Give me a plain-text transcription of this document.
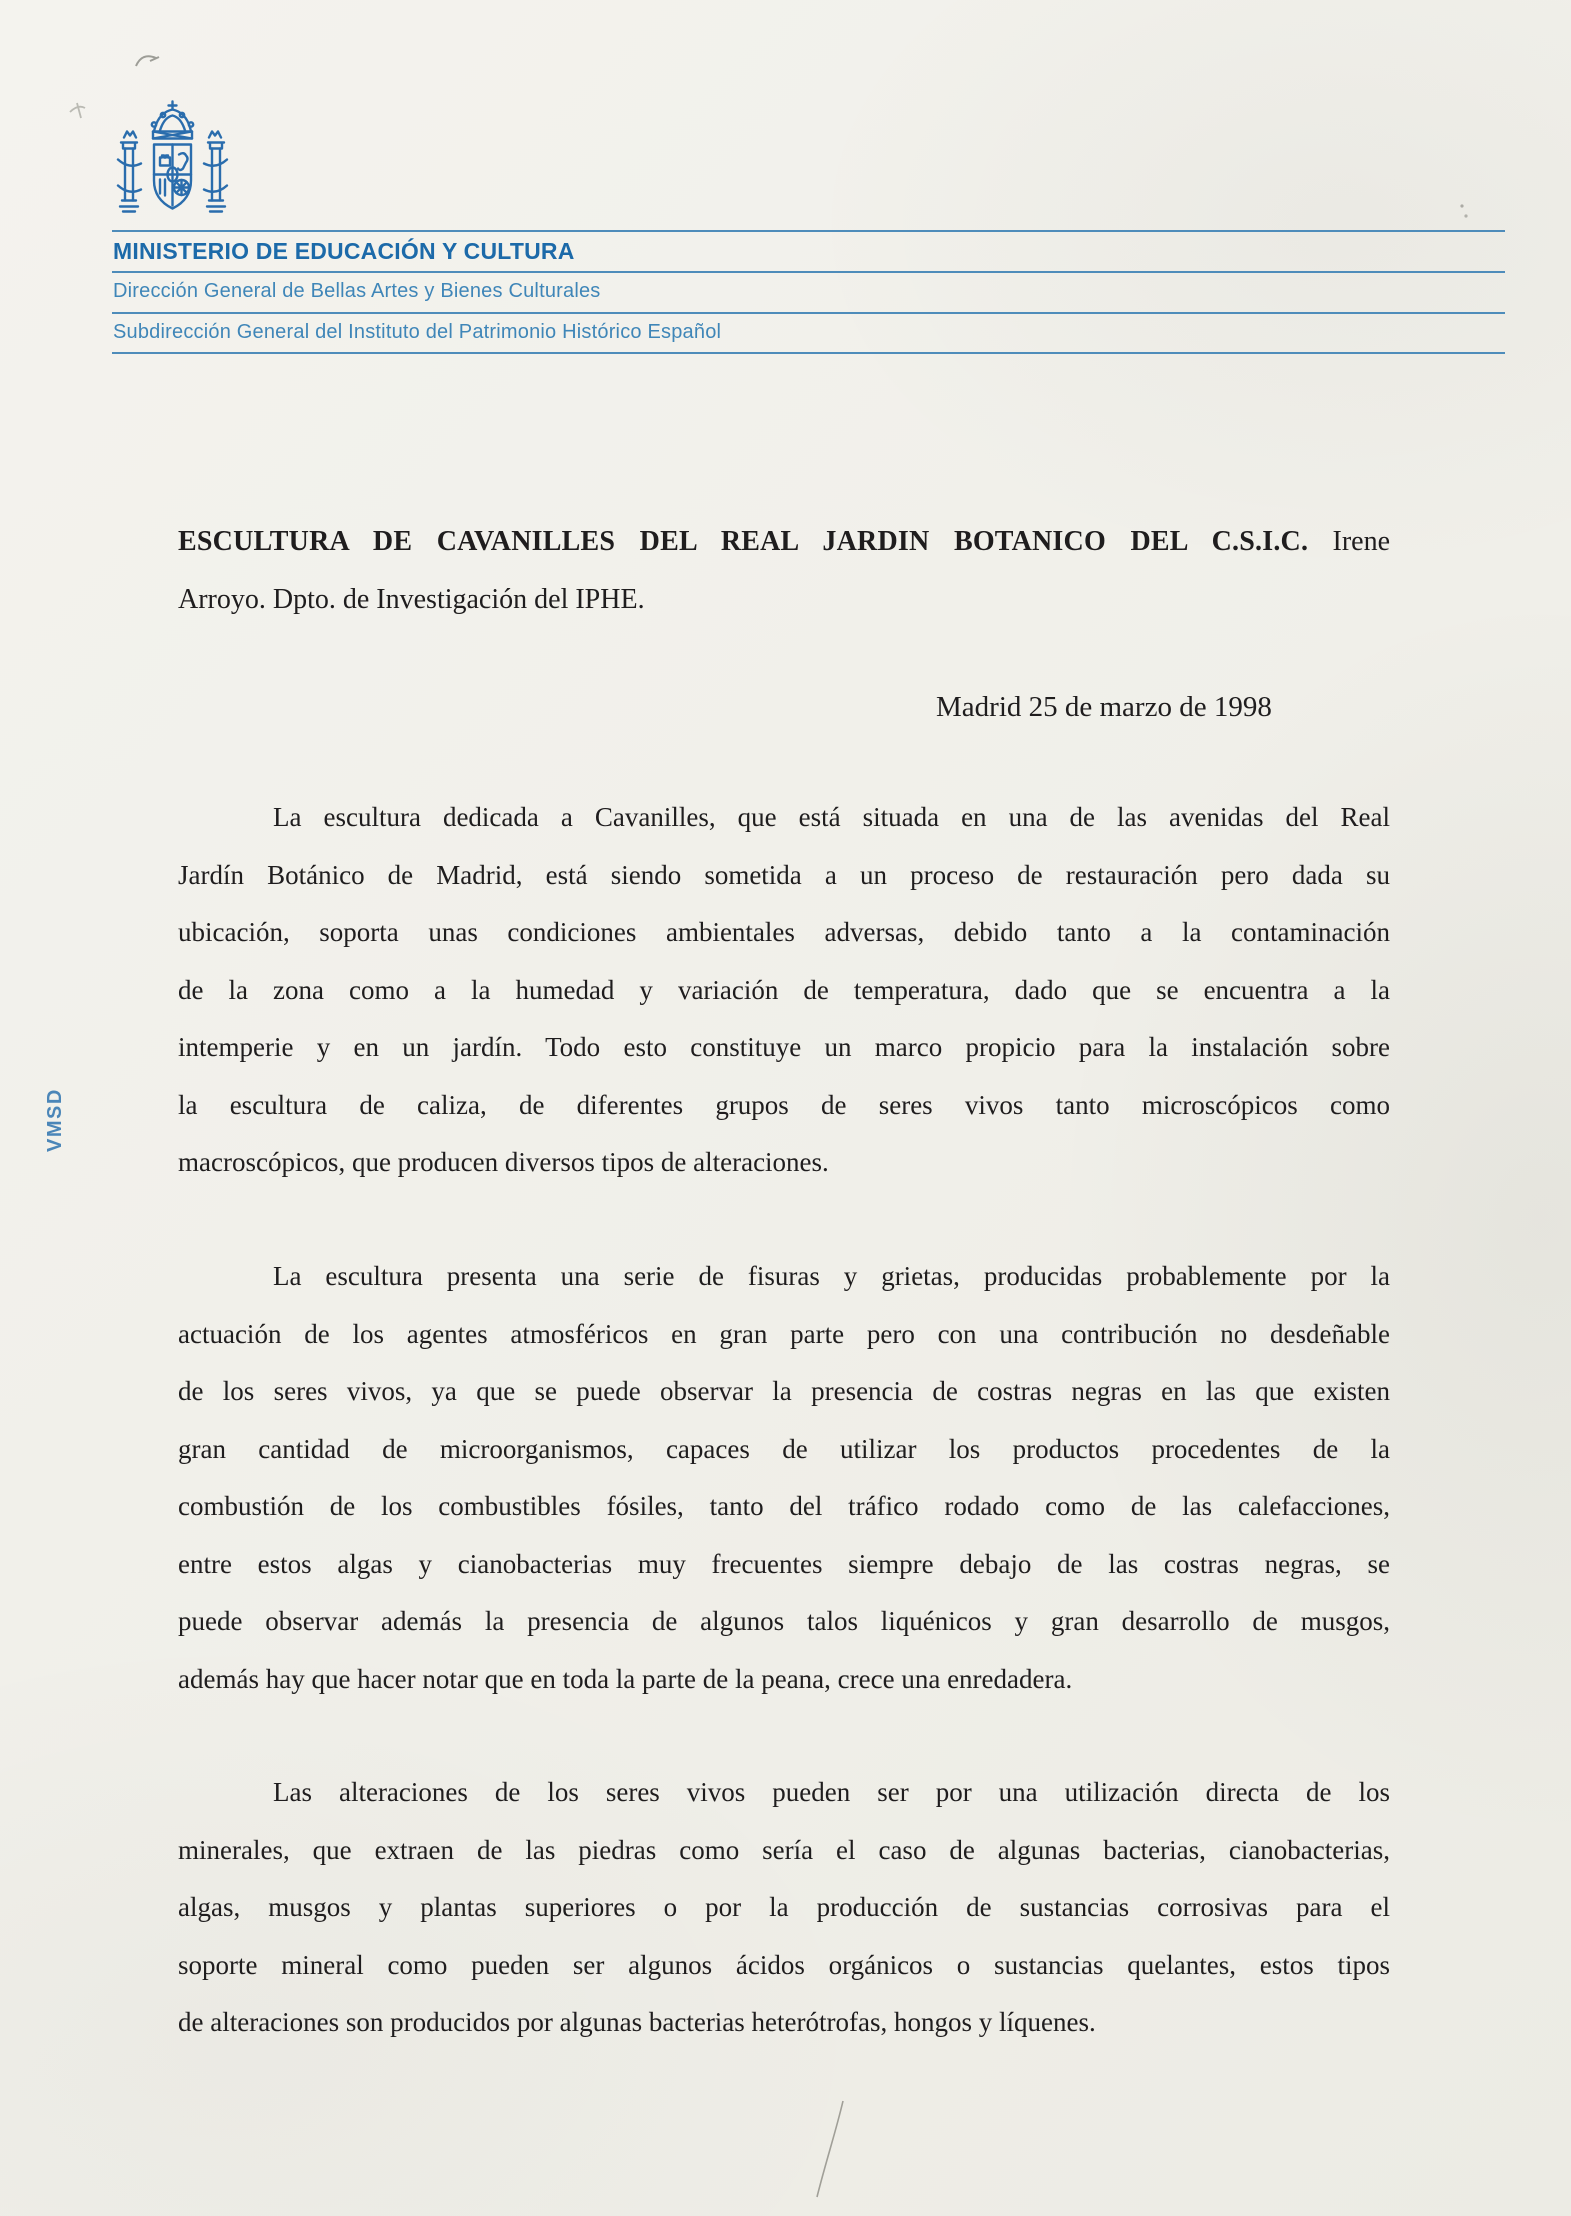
MINISTERIO DE EDUCACIÓN Y CULTURA
Dirección General de Bellas Artes y Bienes Culturales
Subdirección General del Instituto del Patrimonio Histórico Español
VMSD
ESCULTURA DE CAVANILLES DEL REAL JARDIN BOTANICO DEL C.S.I.C. Irene
Arroyo. Dpto. de Investigación del IPHE.
Madrid 25 de marzo de 1998
La escultura dedicada a Cavanilles, que está situada en una de las avenidas del Real
Jardín Botánico de Madrid, está siendo sometida a un proceso de restauración pero dada su
ubicación, soporta unas condiciones ambientales adversas, debido tanto a la contaminación
de la zona como a la humedad y variación de temperatura, dado que se encuentra a la
intemperie y en un jardín. Todo esto constituye un marco propicio para la instalación sobre
la escultura de caliza, de diferentes grupos de seres vivos tanto microscópicos como
macroscópicos, que producen diversos tipos de alteraciones.
La escultura presenta una serie de fisuras y grietas, producidas probablemente por la
actuación de los agentes atmosféricos en gran parte pero con una contribución no desdeñable
de los seres vivos, ya que se puede observar la presencia de costras negras en las que existen
gran cantidad de microorganismos, capaces de utilizar los productos procedentes de la
combustión de los combustibles fósiles, tanto del tráfico rodado como de las calefacciones,
entre estos algas y cianobacterias muy frecuentes siempre debajo de las costras negras, se
puede observar además la presencia de algunos talos liquénicos y gran desarrollo de musgos,
además hay que hacer notar que en toda la parte de la peana, crece una enredadera.
Las alteraciones de los seres vivos pueden ser por una utilización directa de los
minerales, que extraen de las piedras como sería el caso de algunas bacterias, cianobacterias,
algas, musgos y plantas superiores o por la producción de sustancias corrosivas para el
soporte mineral como pueden ser algunos ácidos orgánicos o sustancias quelantes, estos tipos
de alteraciones son producidos por algunas bacterias heterótrofas, hongos y líquenes.
